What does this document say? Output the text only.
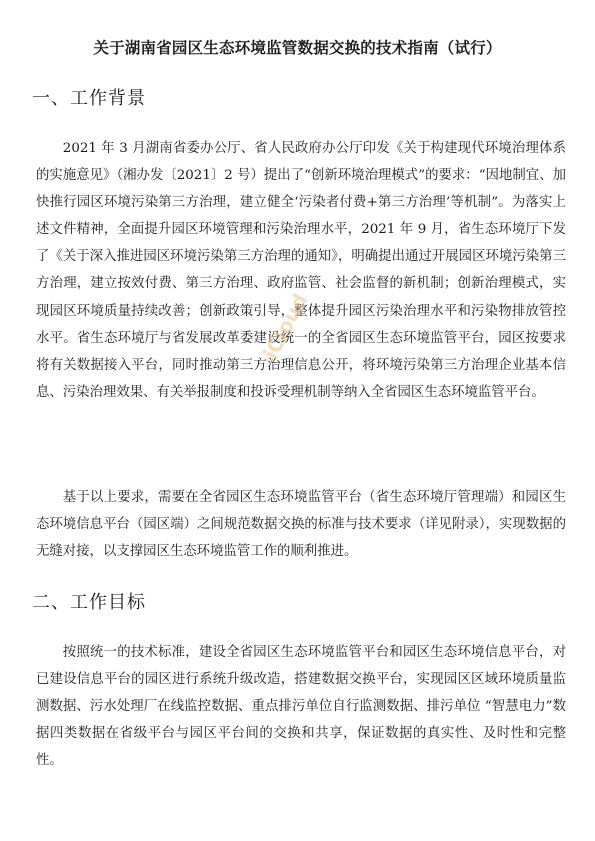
关于湖南省园区生态环境监管数据交换的技术指南（试行）
一、工作背景

2021 年 3 月湖南省委办公厅、省人民政府办公厅印发《关于构建现代环境治理体系的实施意见》（湘办发〔2021〕2 号）提出了“创新环境治理模式”的要求：“因地制宜、加快推行园区环境污染第三方治理，建立健全‘污染者付费+第三方治理’等机制”。为落实上述文件精神，全面提升园区环境管理和污染治理水平，2021 年 9 月，省生态环境厅下发了《关于深入推进园区环境污染第三方治理的通知》，明确提出通过开展园区环境污染第三方治理，建立按效付费、第三方治理、政府监管、社会监督的新机制；创新治理模式，实现园区环境质量持续改善；创新政策引导，整体提升园区污染治理水平和污染物排放管控水平。省生态环境厅与省发展改革委建设统一的全省园区生态环境监管平台，园区按要求将有关数据接入平台，同时推动第三方治理信息公开，将环境污染第三方治理企业基本信息、污染治理效果、有关举报制度和投诉受理机制等纳入全省园区生态环境监管平台。

基于以上要求，需要在全省园区生态环境监管平台（省生态环境厅管理端）和园区生态环境信息平台（园区端）之间规范数据交换的标准与技术要求（详见附录），实现数据的无缝对接，以支撑园区生态环境监管工作的顺利推进。

二、工作目标

按照统一的技术标准，建设全省园区生态环境监管平台和园区生态环境信息平台，对已建设信息平台的园区进行系统升级改造，搭建数据交换平台，实现园区区域环境质量监测数据、污水处理厂在线监控数据、重点排污单位自行监测数据、排污单位 “智慧电力”数据四类数据在省级平台与园区平台间的交换和共享，保证数据的真实性、及时性和完整性。

iCloud
